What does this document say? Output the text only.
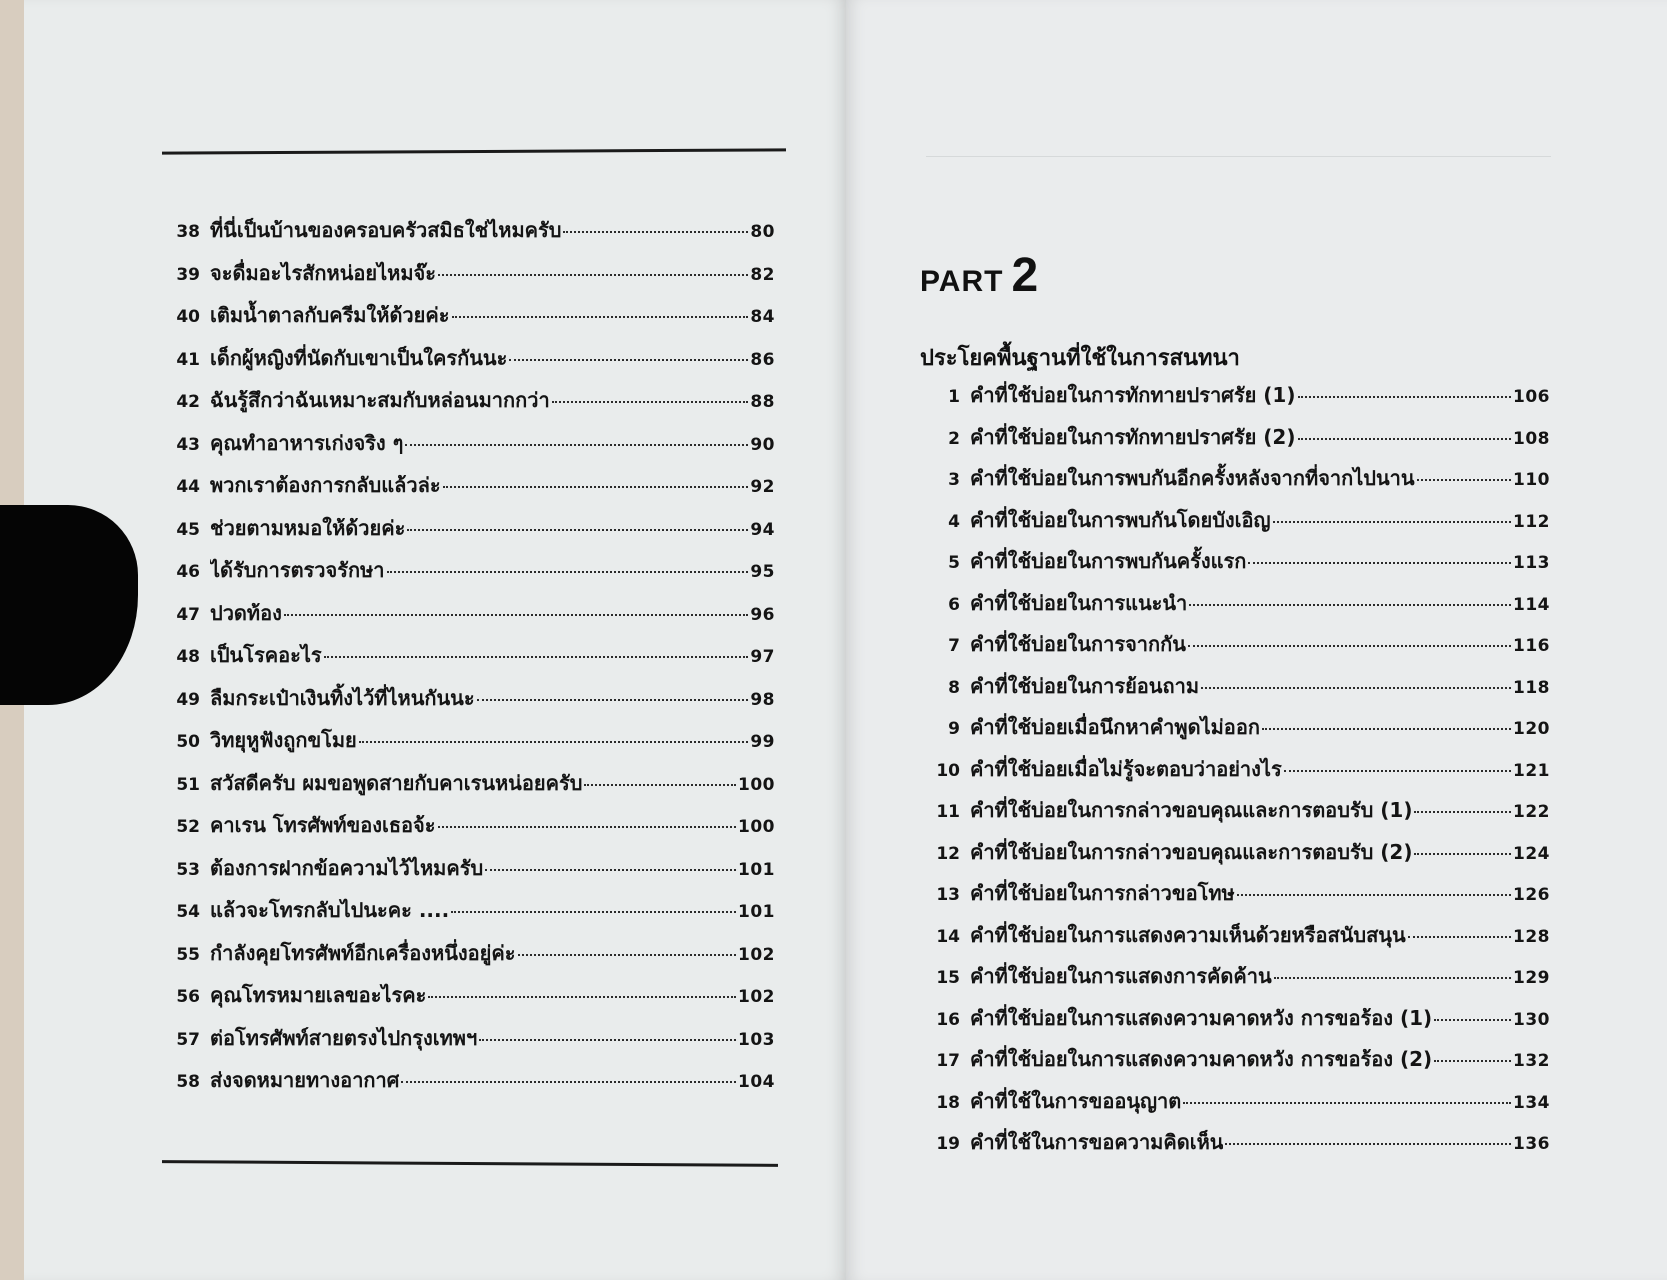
38 ที่นี่เป็นบ้านของครอบครัวสมิธใช่ไหมครับ	80
39 จะดื่มอะไรสักหน่อยไหมจ๊ะ	82
40 เติมน้ำตาลกับครีมให้ด้วยค่ะ	84
41 เด็กผู้หญิงที่นัดกับเขาเป็นใครกันนะ	86
42 ฉันรู้สึกว่าฉันเหมาะสมกับหล่อนมากกว่า	88
43 คุณทำอาหารเก่งจริง ๆ	90
44 พวกเราต้องการกลับแล้วล่ะ	92
45 ช่วยตามหมอให้ด้วยค่ะ	94
46 ได้รับการตรวจรักษา	95
47 ปวดท้อง	96
48 เป็นโรคอะไร	97
49 ลืมกระเป๋าเงินทิ้งไว้ที่ไหนกันนะ	98
50 วิทยุหูฟังถูกขโมย	99
51 สวัสดีครับ ผมขอพูดสายกับคาเรนหน่อยครับ	100
52 คาเรน โทรศัพท์ของเธอจ้ะ	100
53 ต้องการฝากข้อความไว้ไหมครับ	101
54 แล้วจะโทรกลับไปนะคะ ....	101
55 กำลังคุยโทรศัพท์อีกเครื่องหนึ่งอยู่ค่ะ	102
56 คุณโทรหมายเลขอะไรคะ	102
57 ต่อโทรศัพท์สายตรงไปกรุงเทพฯ	103
58 ส่งจดหมายทางอากาศ	104
PART 2
ประโยคพื้นฐานที่ใช้ในการสนทนา
1 คำที่ใช้บ่อยในการทักทายปราศรัย (1)	106
2 คำที่ใช้บ่อยในการทักทายปราศรัย (2)	108
3 คำที่ใช้บ่อยในการพบกันอีกครั้งหลังจากที่จากไปนาน	110
4 คำที่ใช้บ่อยในการพบกันโดยบังเอิญ	112
5 คำที่ใช้บ่อยในการพบกันครั้งแรก	113
6 คำที่ใช้บ่อยในการแนะนำ	114
7 คำที่ใช้บ่อยในการจากกัน	116
8 คำที่ใช้บ่อยในการย้อนถาม	118
9 คำที่ใช้บ่อยเมื่อนึกหาคำพูดไม่ออก	120
10 คำที่ใช้บ่อยเมื่อไม่รู้จะตอบว่าอย่างไร	121
11 คำที่ใช้บ่อยในการกล่าวขอบคุณและการตอบรับ (1)	122
12 คำที่ใช้บ่อยในการกล่าวขอบคุณและการตอบรับ (2)	124
13 คำที่ใช้บ่อยในการกล่าวขอโทษ	126
14 คำที่ใช้บ่อยในการแสดงความเห็นด้วยหรือสนับสนุน	128
15 คำที่ใช้บ่อยในการแสดงการคัดค้าน	129
16 คำที่ใช้บ่อยในการแสดงความคาดหวัง การขอร้อง (1)	130
17 คำที่ใช้บ่อยในการแสดงความคาดหวัง การขอร้อง (2)	132
18 คำที่ใช้ในการขออนุญาต	134
19 คำที่ใช้ในการขอความคิดเห็น	136
